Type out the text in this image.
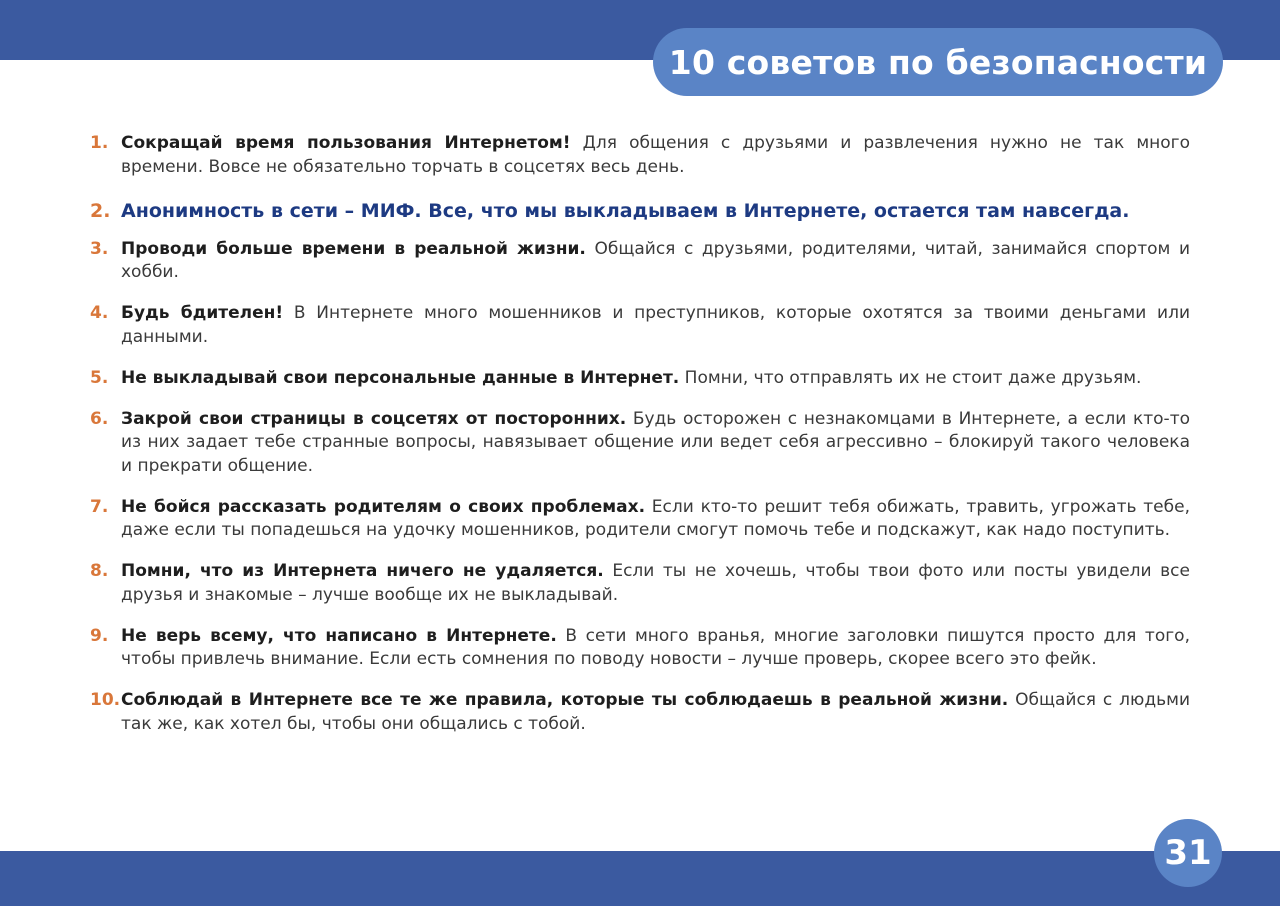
10 советов по безопасности
1. Сокращай время пользования Интернетом! Для общения с друзьями и развлечения нужно не так много времени. Вовсе не обязательно торчать в соцсетях весь день.
2. Анонимность в сети – МИФ. Все, что мы выкладываем в Интернете, остается там навсегда.
3. Проводи больше времени в реальной жизни. Общайся с друзьями, родителями, читай, занимайся спортом и хобби.
4. Будь бдителен! В Интернете много мошенников и преступников, которые охотятся за твоими деньгами или данными.
5. Не выкладывай свои персональные данные в Интернет. Помни, что отправлять их не стоит даже друзьям.
6. Закрой свои страницы в соцсетях от посторонних. Будь осторожен с незнакомцами в Интернете, а если кто-то из них задает тебе странные вопросы, навязывает общение или ведет себя агрессивно – блокируй такого человека и прекрати общение.
7. Не бойся рассказать родителям о своих проблемах. Если кто-то решит тебя обижать, травить, угрожать тебе, даже если ты попадешься на удочку мошенников, родители смогут помочь тебе и подскажут, как надо поступить.
8. Помни, что из Интернета ничего не удаляется. Если ты не хочешь, чтобы твои фото или посты увидели все друзья и знакомые – лучше вообще их не выкладывай.
9. Не верь всему, что написано в Интернете. В сети много вранья, многие заголовки пишутся просто для того, чтобы привлечь внимание. Если есть сомнения по поводу новости – лучше проверь, скорее всего это фейк.
10. Соблюдай в Интернете все те же правила, которые ты соблюдаешь в реальной жизни. Общайся с людьми так же, как хотел бы, чтобы они общались с тобой.
31
